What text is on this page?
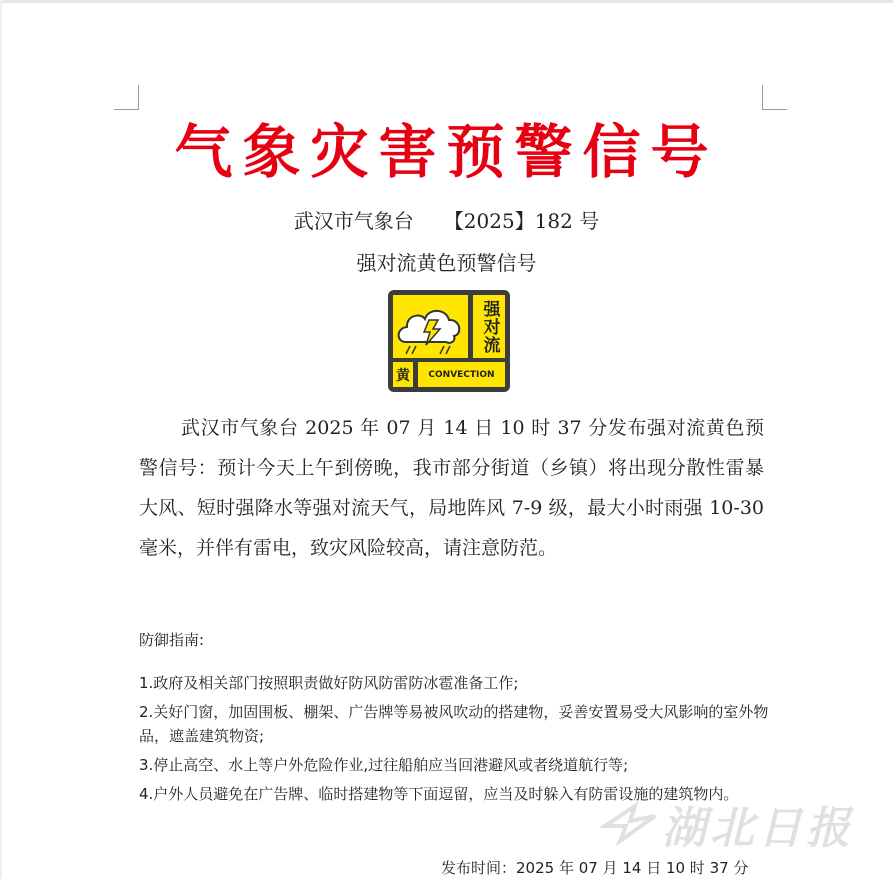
气象灾害预警信号
武汉市气象台 【2025】182 号
强对流黄色预警信号
强对流
黄	CONVECTION

武汉市气象台 2025 年 07 月 14 日 10 时 37 分发布强对流黄色预警信号：预计今天上午到傍晚，我市部分街道（乡镇）将出现分散性雷暴大风、短时强降水等强对流天气，局地阵风 7-9 级，最大小时雨强 10-30 毫米，并伴有雷电，致灾风险较高，请注意防范。

防御指南:
1.政府及相关部门按照职责做好防风防雷防冰雹准备工作;
2.关好门窗，加固围板、棚架、广告牌等易被风吹动的搭建物，妥善安置易受大风影响的室外物品，遮盖建筑物资;
3.停止高空、水上等户外危险作业,过往船舶应当回港避风或者绕道航行等;
4.户外人员避免在广告牌、临时搭建物等下面逗留，应当及时躲入有防雷设施的建筑物内。
发布时间：2025 年 07 月 14 日 10 时 37 分
湖北日报
